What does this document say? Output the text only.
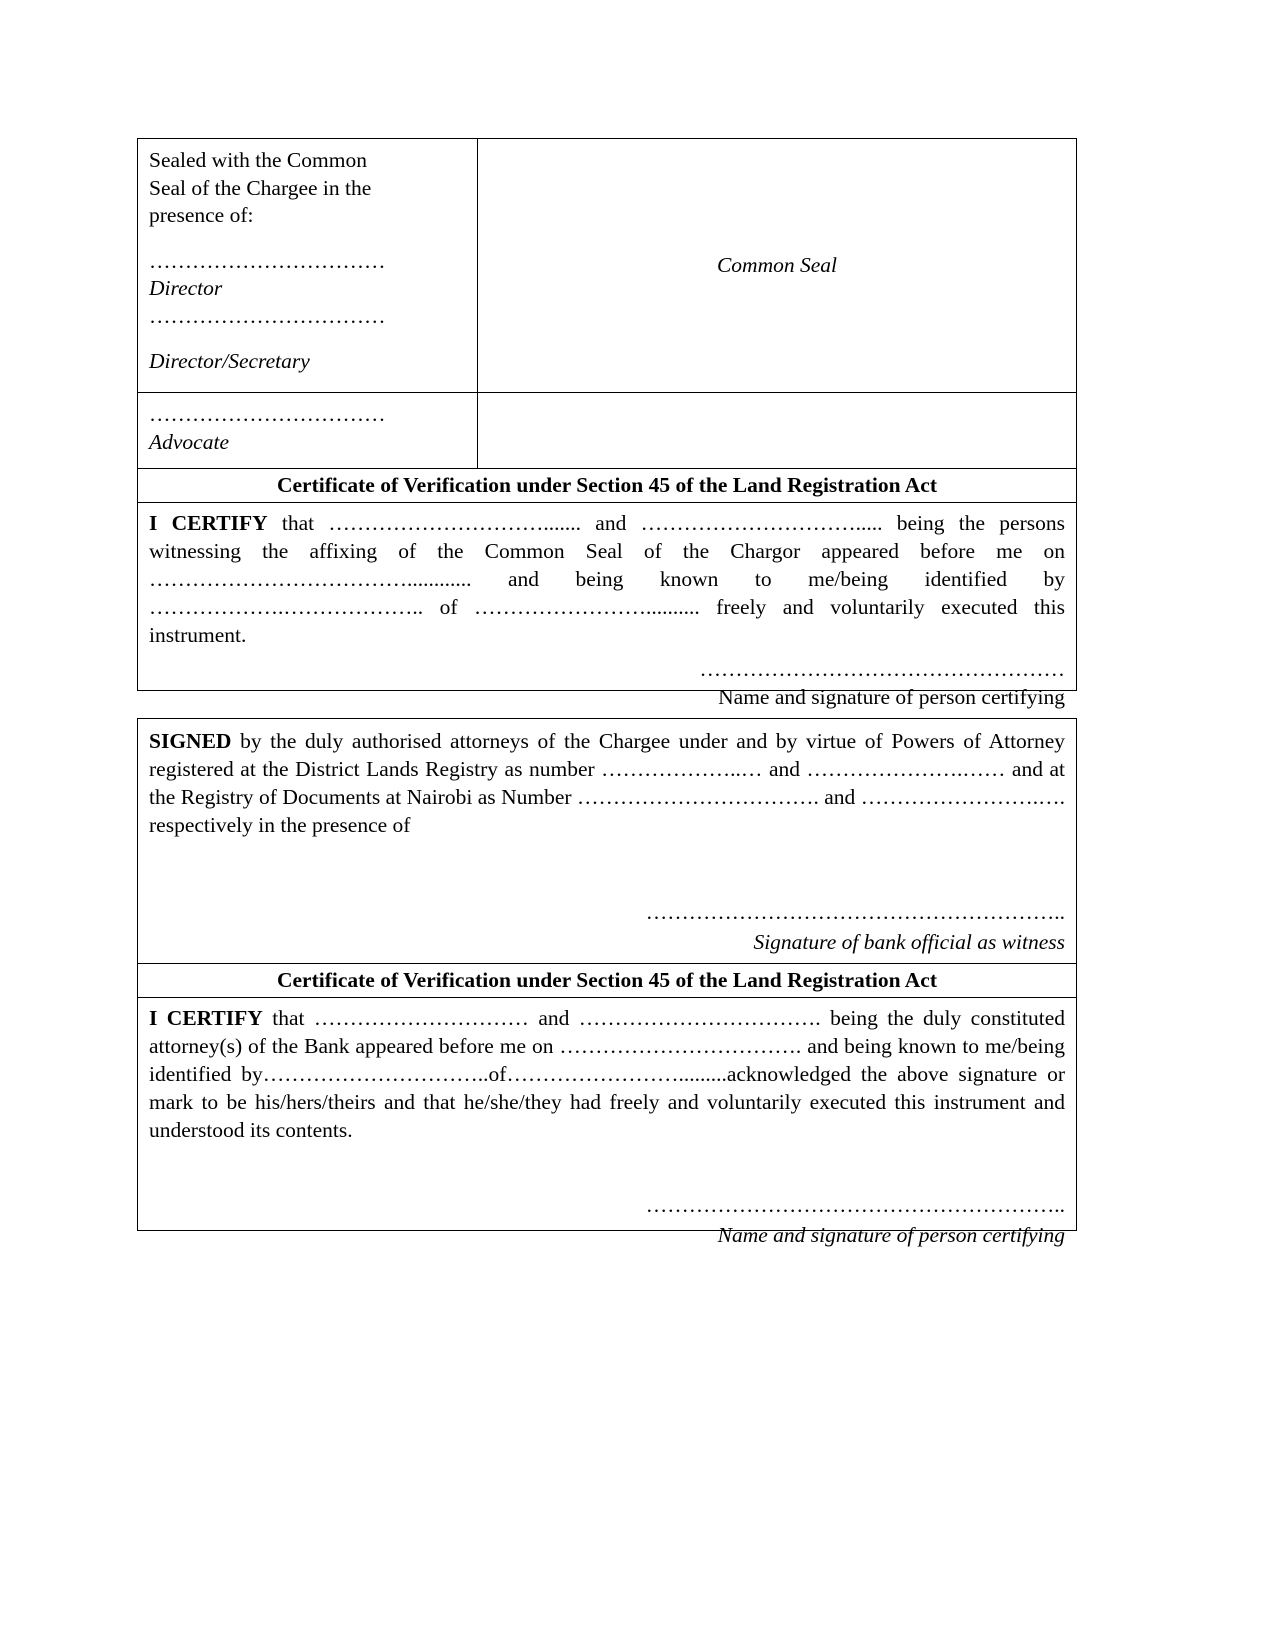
Sealed with the Common
Seal of the Chargee in the
presence of:
……………………………
Director
……………………………
Director/Secretary
Common Seal
……………………………
Advocate
Certificate of Verification under Section 45 of the Land Registration Act
I CERTIFY that …………………………....... and …………………………..... being the persons witnessing the affixing of the Common Seal of the Chargor appeared before me on ………………………………............ and being known to me/being identified by ……………….……………….. of …………………….......... freely and voluntarily executed this instrument.
……………………………………………
Name and signature of person certifying
SIGNED by the duly authorised attorneys of the Chargee under and by virtue of Powers of Attorney registered at the District Lands Registry as number ………………..… and ………………….…… and at the Registry of Documents at Nairobi as Number ……………………………. and …………………….…. respectively in the presence of
…………………………………………………..
Signature of bank official as witness
Certificate of Verification under Section 45 of the Land Registration Act
I CERTIFY that ………………………… and ……………………………. being the duly constituted attorney(s) of the Bank appeared before me on ……………………………. and being known to me/being identified by…………………………..of…………………….........acknowledged the above signature or mark to be his/hers/theirs and that he/she/they had freely and voluntarily executed this instrument and understood its contents.
…………………………………………………..
Name and signature of person certifying
